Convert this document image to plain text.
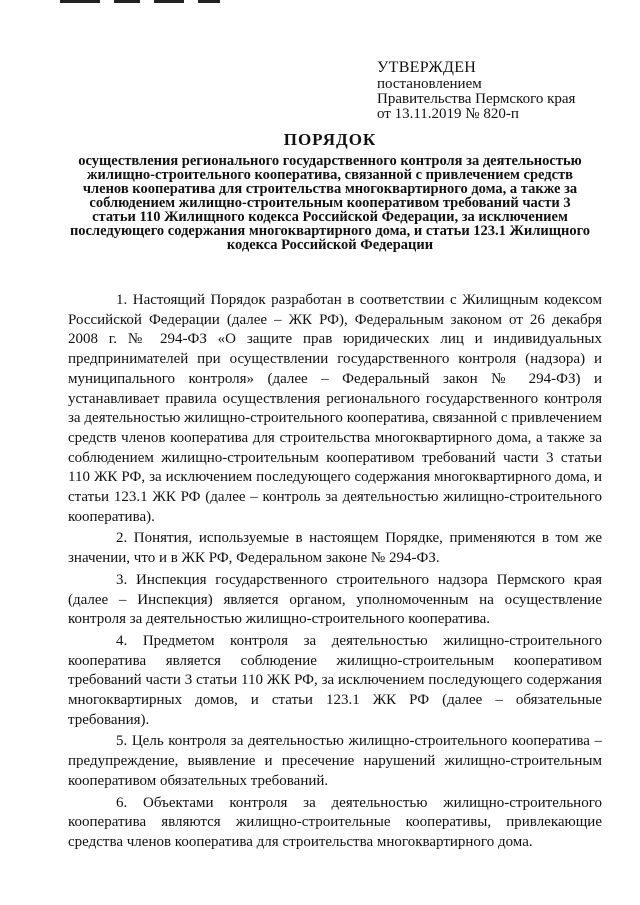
УТВЕРЖДЕН
постановлением
Правительства Пермского края
от 13.11.2019 № 820-п
ПОРЯДОК
осуществления регионального государственного контроля за деятельностью жилищно-строительного кооператива, связанной с привлечением средств членов кооператива для строительства многоквартирного дома, а также за соблюдением жилищно-строительным кооперативом требований части 3 статьи 110 Жилищного кодекса Российской Федерации, за исключением последующего содержания многоквартирного дома, и статьи 123.1 Жилищного кодекса Российской Федерации

1. Настоящий Порядок разработан в соответствии с Жилищным кодексом Российской Федерации (далее – ЖК РФ), Федеральным законом от 26 декабря 2008 г. № 294-ФЗ «О защите прав юридических лиц и индивидуальных предпринимателей при осуществлении государственного контроля (надзора) и муниципального контроля» (далее – Федеральный закон № 294-ФЗ) и устанавливает правила осуществления регионального государственного контроля за деятельностью жилищно-строительного кооператива, связанной с привлечением средств членов кооператива для строительства многоквартирного дома, а также за соблюдением жилищно-строительным кооперативом требований части 3 статьи 110 ЖК РФ, за исключением последующего содержания многоквартирного дома, и статьи 123.1 ЖК РФ (далее – контроль за деятельностью жилищно-строительного кооператива).

2. Понятия, используемые в настоящем Порядке, применяются в том же значении, что и в ЖК РФ, Федеральном законе № 294-ФЗ.

3. Инспекция государственного строительного надзора Пермского края (далее – Инспекция) является органом, уполномоченным на осуществление контроля за деятельностью жилищно-строительного кооператива.

4. Предметом контроля за деятельностью жилищно-строительного кооператива является соблюдение жилищно-строительным кооперативом требований части 3 статьи 110 ЖК РФ, за исключением последующего содержания многоквартирных домов, и статьи 123.1 ЖК РФ (далее – обязательные требования).

5. Цель контроля за деятельностью жилищно-строительного кооператива – предупреждение, выявление и пресечение нарушений жилищно-строительным кооперативом обязательных требований.

6. Объектами контроля за деятельностью жилищно-строительного кооператива являются жилищно-строительные кооперативы, привлекающие средства членов кооператива для строительства многоквартирного дома.
